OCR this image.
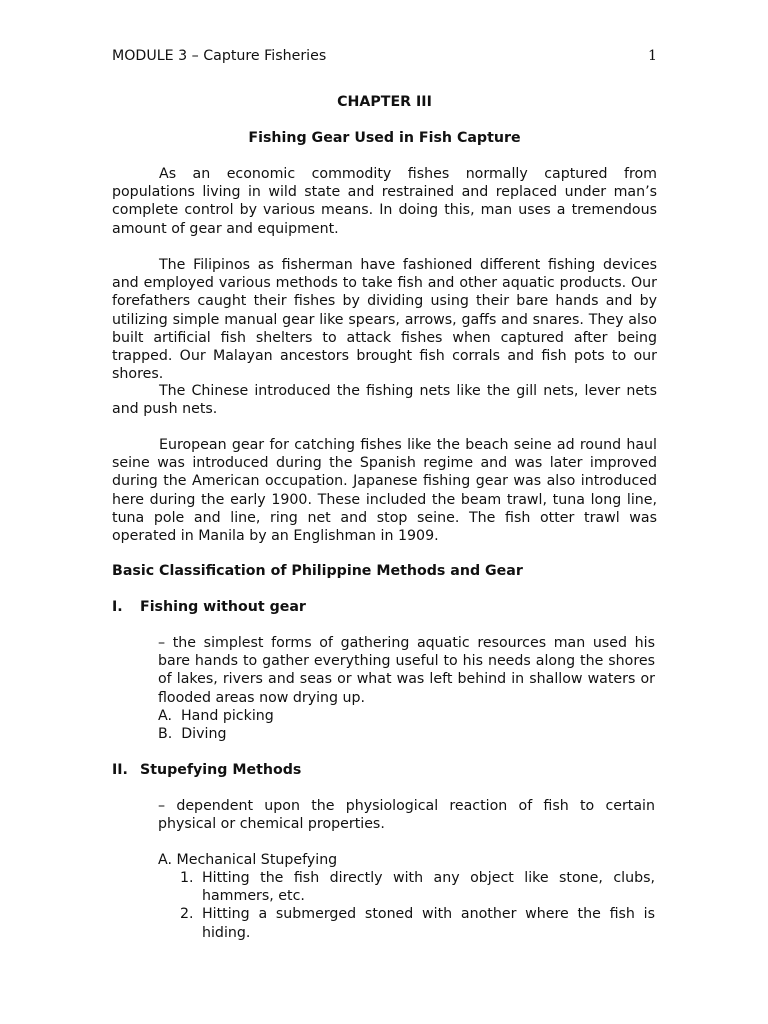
MODULE 3 – Capture Fisheries	1
CHAPTER III
Fishing Gear Used in Fish Capture

As an economic commodity fishes normally captured from populations living in wild state and restrained and replaced under man’s complete control by various means. In doing this, man uses a tremendous amount of gear and equipment.

The Filipinos as fisherman have fashioned different fishing devices and employed various methods to take fish and other aquatic products. Our forefathers caught their fishes by dividing using their bare hands and by utilizing simple manual gear like spears, arrows, gaffs and snares. They also built artificial fish shelters to attack fishes when captured after being trapped. Our Malayan ancestors brought fish corrals and fish pots to our shores.

The Chinese introduced the fishing nets like the gill nets, lever nets and push nets.

European gear for catching fishes like the beach seine ad round haul seine was introduced during the Spanish regime and was later improved during the American occupation. Japanese fishing gear was also introduced here during the early 1900. These included the beam trawl, tuna long line, tuna pole and line, ring net and stop seine. The fish otter trawl was operated in Manila by an Englishman in 1909.

Basic Classification of Philippine Methods and Gear
I. Fishing without gear
– the simplest forms of gathering aquatic resources man used his bare hands to gather everything useful to his needs along the shores of lakes, rivers and seas or what was left behind in shallow waters or flooded areas now drying up.
A.  Hand picking
B.  Diving
II. Stupefying Methods
– dependent upon the physiological reaction of fish to certain physical or chemical properties.
A. Mechanical Stupefying
1. Hitting the fish directly with any object like stone, clubs, hammers, etc.
2. Hitting a submerged stoned with another where the fish is hiding.
